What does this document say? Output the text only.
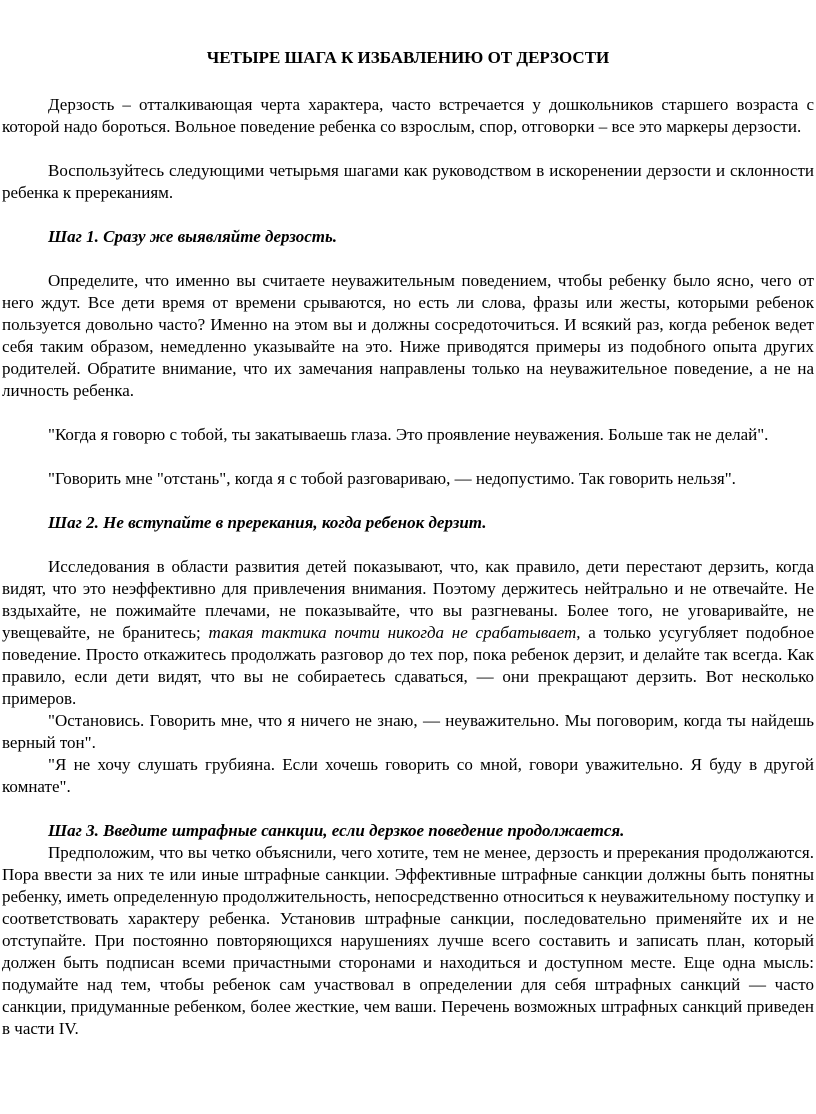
ЧЕТЫРЕ ШАГА К ИЗБАВЛЕНИЮ ОТ ДЕРЗОСТИ

Дерзость – отталкивающая черта характера, часто встречается у дошкольников старшего возраста с которой надо бороться. Вольное поведение ребенка со взрослым, спор, отговорки – все это маркеры дерзости.

Воспользуйтесь следующими четырьмя шагами как руководством в искоренении дерзости и склонности ребенка к пререканиям.

Шаг 1. Сразу же выявляйте дерзость.

Определите, что именно вы считаете неуважительным поведением, чтобы ребенку было ясно, чего от него ждут. Все дети время от времени срываются, но есть ли слова, фразы или жесты, которыми ребенок пользуется довольно часто? Именно на этом вы и должны сосредоточиться. И всякий раз, когда ребенок ведет себя таким образом, немедленно указывайте на это. Ниже приводятся примеры из подобного опыта других родителей. Обратите внимание, что их замечания направлены только на неуважительное поведение, а не на личность ребенка.

"Когда я говорю с тобой, ты закатываешь глаза. Это проявление неуважения. Больше так не делай".

"Говорить мне "отстань", когда я с тобой разговариваю, — недопустимо. Так говорить нельзя".

Шаг 2. Не вступайте в пререкания, когда ребенок дерзит.

Исследования в области развития детей показывают, что, как правило, дети перестают дерзить, когда видят, что это неэффективно для привлечения внимания. Поэтому держитесь нейтрально и не отвечайте. Не вздыхайте, не пожимайте плечами, не показывайте, что вы разгневаны. Более того, не уговаривайте, не увещевайте, не бранитесь; такая тактика почти никогда не срабатывает, а только усугубляет подобное поведение. Просто откажитесь продолжать разговор до тех пор, пока ребенок дерзит, и делайте так всегда. Как правило, если дети видят, что вы не собираетесь сдаваться, — они прекращают дерзить. Вот несколько примеров.

"Остановись. Говорить мне, что я ничего не знаю, — неуважительно. Мы поговорим, когда ты найдешь верный тон".

"Я не хочу слушать грубияна. Если хочешь говорить со мной, говори уважительно. Я буду в другой комнате".

Шаг 3. Введите штрафные санкции, если дерзкое поведение продолжается.

Предположим, что вы четко объяснили, чего хотите, тем не менее, дерзость и пререкания продолжаются. Пора ввести за них те или иные штрафные санкции. Эффективные штрафные санкции должны быть понятны ребенку, иметь определенную продолжительность, непосредственно относиться к неуважительному поступку и соответствовать характеру ребенка. Установив штрафные санкции, последовательно применяйте их и не отступайте. При постоянно повторяющихся нарушениях лучше всего составить и записать план, который должен быть подписан всеми причастными сторонами и находиться и доступном месте. Еще одна мысль: подумайте над тем, чтобы ребенок сам участвовал в определении для себя штрафных санкций — часто санкции, придуманные ребенком, более жесткие, чем ваши. Перечень возможных штрафных санкций приведен в части IV.
